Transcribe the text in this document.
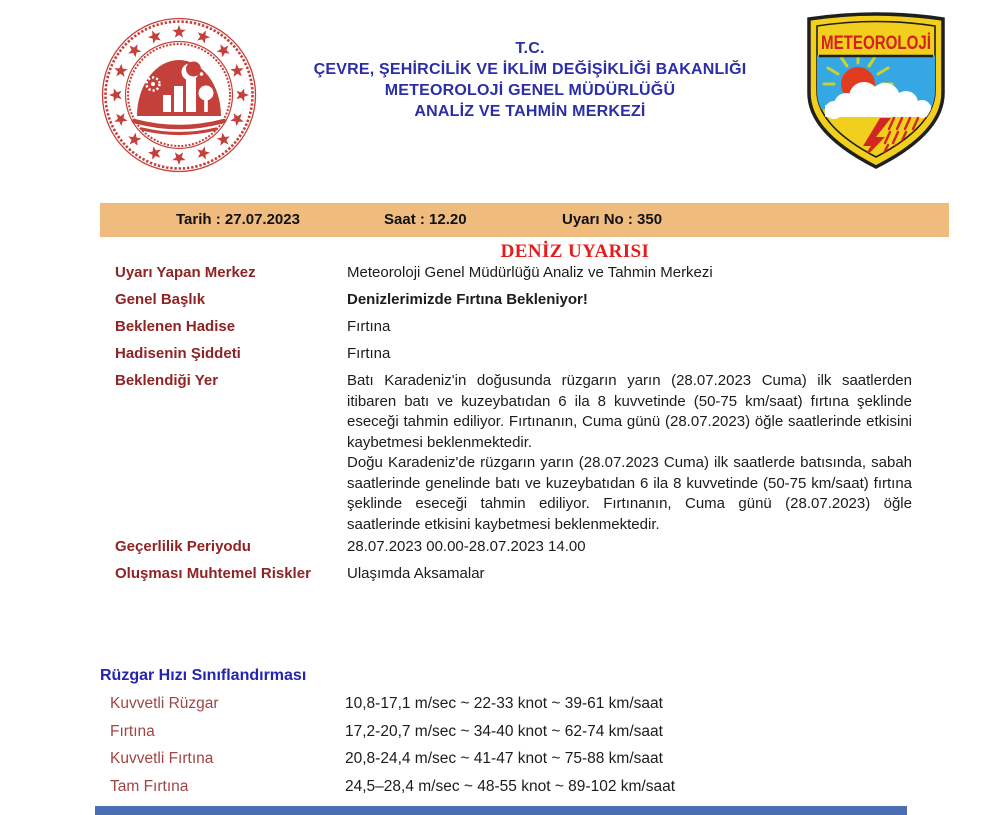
T.C.
ÇEVRE, ŞEHİRCİLİK VE İKLİM DEĞİŞİKLİĞİ BAKANLIĞI
METEOROLOJİ GENEL MÜDÜRLÜĞÜ
ANALİZ VE TAHMİN MERKEZİ
METEOROLOJİ
Tarih : 27.07.2023	Saat : 12.20	Uyarı No : 350
DENİZ UYARISI
Uyarı Yapan Merkez	Meteoroloji Genel Müdürlüğü Analiz ve Tahmin Merkezi
Genel Başlık	Denizlerimizde Fırtına Bekleniyor!
Beklenen Hadise	Fırtına
Hadisenin Şiddeti	Fırtına
Beklendiği Yer	Batı Karadeniz'in doğusunda rüzgarın yarın (28.07.2023 Cuma) ilk saatlerden itibaren batı ve kuzeybatıdan 6 ila 8 kuvvetinde (50-75 km/saat) fırtına şeklinde eseceği tahmin ediliyor. Fırtınanın, Cuma günü (28.07.2023) öğle saatlerinde etkisini kaybetmesi beklenmektedir.

Doğu Karadeniz'de rüzgarın yarın (28.07.2023 Cuma) ilk saatlerde batısında, sabah saatlerinde genelinde batı ve kuzeybatıdan 6 ila 8 kuvvetinde (50-75 km/saat) fırtına şeklinde eseceği tahmin ediliyor. Fırtınanın, Cuma günü (28.07.2023) öğle saatlerinde etkisini kaybetmesi beklenmektedir.

Geçerlilik Periyodu	28.07.2023 00.00-28.07.2023 14.00
Oluşması Muhtemel Riskler	Ulaşımda Aksamalar
Rüzgar Hızı Sınıflandırması
Kuvvetli Rüzgar	10,8-17,1 m/sec ~ 22-33 knot ~ 39-61 km/saat
Fırtına	17,2-20,7 m/sec ~ 34-40 knot ~ 62-74 km/saat
Kuvvetli Fırtına	20,8-24,4 m/sec ~ 41-47 knot ~ 75-88 km/saat
Tam Fırtına	24,5–28,4 m/sec ~ 48-55 knot ~ 89-102 km/saat
